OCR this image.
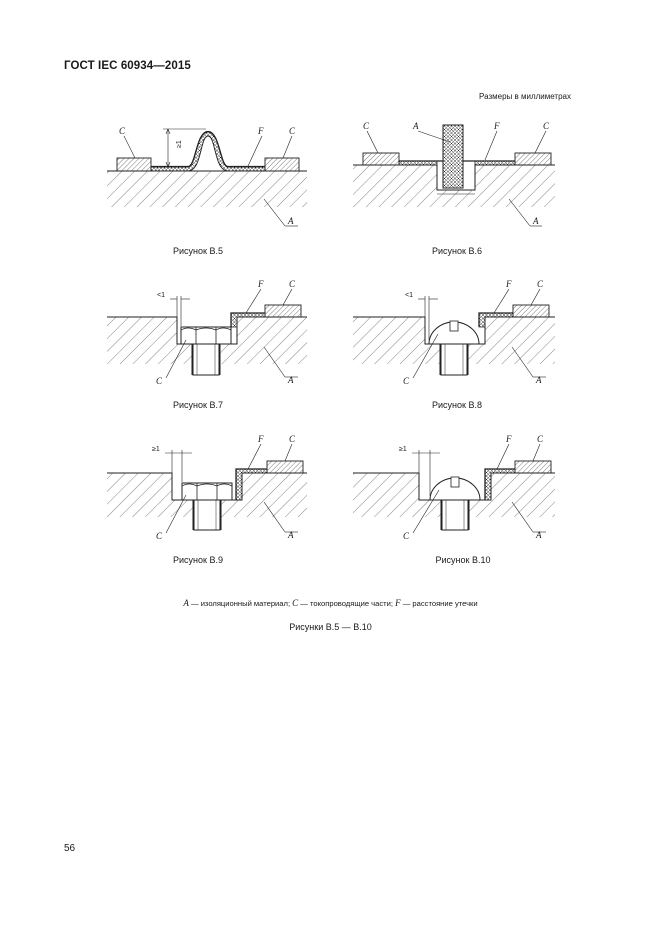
ГОСТ IEC 60934—2015
Размеры в миллиметрах
≥1
C	F	C
A
C	A	F	C
A
<1
F	C
C	A
<1
F	C
C	A
≥1
F	C
C	A
≥1
F	C
C	A
Рисунок В.5	Рисунок В.6
Рисунок В.7	Рисунок В.8
Рисунок В.9	Рисунок В.10
A — изоляционный материал; C — токопроводящие части; F — расстояние утечки
Рисунки В.5 — В.10
56
